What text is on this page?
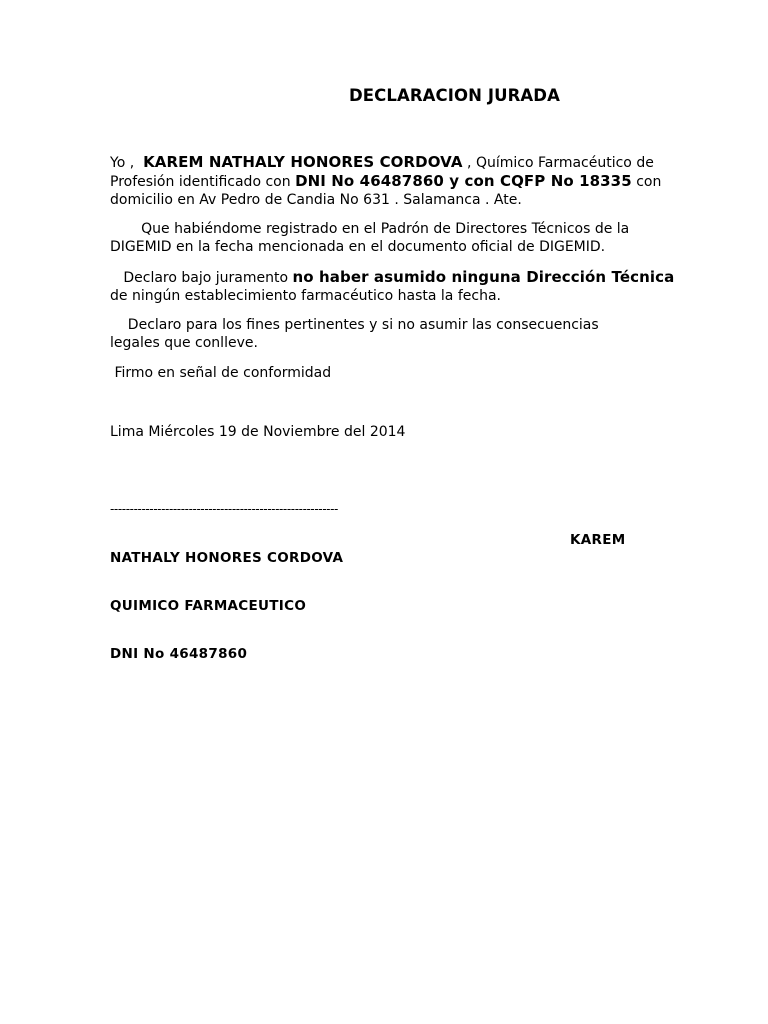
DECLARACION JURADA
Yo ,  KAREM NATHALY HONORES CORDOVA , Químico Farmacéutico de
Profesión identificado con DNI No 46487860 y con CQFP No 18335 con
domicilio en Av Pedro de Candia No 631 . Salamanca . Ate.
Que habiéndome registrado en el Padrón de Directores Técnicos de la
DIGEMID en la fecha mencionada en el documento oficial de DIGEMID.
Declaro bajo juramento no haber asumido ninguna Dirección Técnica
de ningún establecimiento farmacéutico hasta la fecha.
Declaro para los fines pertinentes y si no asumir las consecuencias
legales que conlleve.
Firmo en señal de conformidad
Lima Miércoles 19 de Noviembre del 2014
----------------------------------------------------------
KAREM
NATHALY HONORES CORDOVA
QUIMICO FARMACEUTICO
DNI No 46487860
